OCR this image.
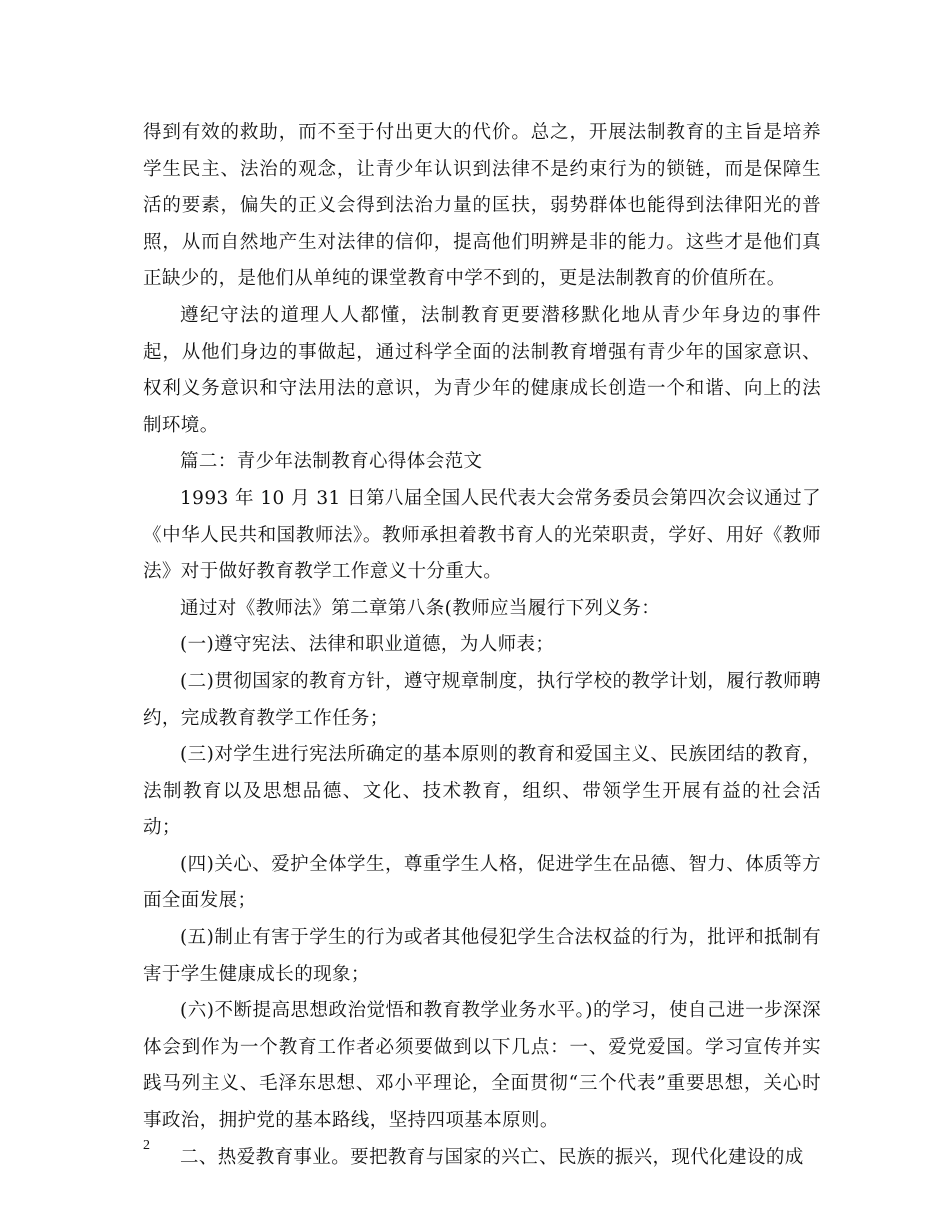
得到有效的救助，而不至于付出更大的代价。总之，开展法制教育的主旨是培养学生民主、法治的观念，让青少年认识到法律不是约束行为的锁链，而是保障生活的要素，偏失的正义会得到法治力量的匡扶，弱势群体也能得到法律阳光的普照，从而自然地产生对法律的信仰，提高他们明辨是非的能力。这些才是他们真正缺少的，是他们从单纯的课堂教育中学不到的，更是法制教育的价值所在。

遵纪守法的道理人人都懂，法制教育更要潜移默化地从青少年身边的事件起，从他们身边的事做起，通过科学全面的法制教育增强有青少年的国家意识、权利义务意识和守法用法的意识，为青少年的健康成长创造一个和谐、向上的法制环境。

篇二：青少年法制教育心得体会范文

1993 年 10 月 31 日第八届全国人民代表大会常务委员会第四次会议通过了《中华人民共和国教师法》。教师承担着教书育人的光荣职责，学好、用好《教师法》对于做好教育教学工作意义十分重大。

通过对《教师法》第二章第八条(教师应当履行下列义务：

(一)遵守宪法、法律和职业道德，为人师表；

(二)贯彻国家的教育方针，遵守规章制度，执行学校的教学计划，履行教师聘约，完成教育教学工作任务；

(三)对学生进行宪法所确定的基本原则的教育和爱国主义、民族团结的教育，法制教育以及思想品德、文化、技术教育，组织、带领学生开展有益的社会活动；

(四)关心、爱护全体学生，尊重学生人格，促进学生在品德、智力、体质等方面全面发展；

(五)制止有害于学生的行为或者其他侵犯学生合法权益的行为，批评和抵制有害于学生健康成长的现象；

(六)不断提高思想政治觉悟和教育教学业务水平。)的学习，使自己进一步深深体会到作为一个教育工作者必须要做到以下几点：一、爱党爱国。学习宣传并实践马列主义、毛泽东思想、邓小平理论，全面贯彻“三个代表”重要思想，关心时事政治，拥护党的基本路线，坚持四项基本原则。

二、热爱教育事业。要把教育与国家的兴亡、民族的振兴，现代化建设的成

2
